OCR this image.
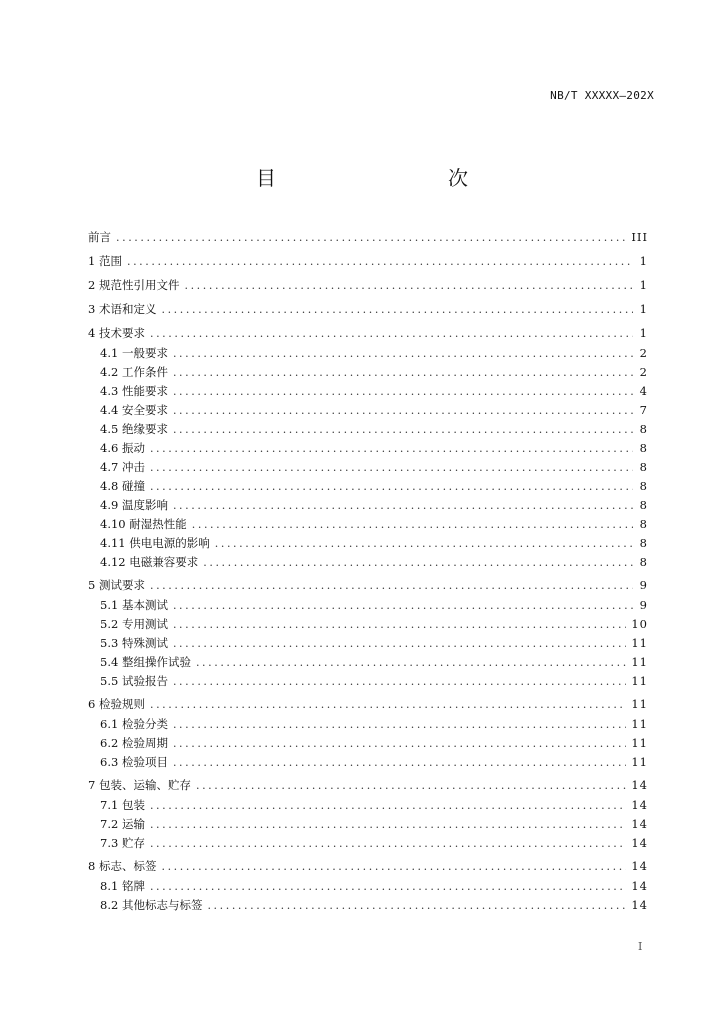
NB/T XXXXX—202X
目　　次
前言 .....	III
1 范围 .....	1
2 规范性引用文件 .....	1
3 术语和定义 .....	1
4 技术要求 .....	1
4.1 一般要求 .....	2
4.2 工作条件 .....	2
4.3 性能要求 .....	4
4.4 安全要求 .....	7
4.5 绝缘要求 .....	8
4.6 振动 .....	8
4.7 冲击 .....	8
4.8 碰撞 .....	8
4.9 温度影响 .....	8
4.10 耐湿热性能 .....	8
4.11 供电电源的影响 .....	8
4.12 电磁兼容要求 .....	8
5 测试要求 .....	9
5.1 基本测试 .....	9
5.2 专用测试 .....	10
5.3 特殊测试 .....	11
5.4 整组操作试验 .....	11
5.5 试验报告 .....	11
6 检验规则 .....	11
6.1 检验分类 .....	11
6.2 检验周期 .....	11
6.3 检验项目 .....	11
7 包装、运输、贮存 .....	14
7.1 包装 .....	14
7.2 运输 .....	14
7.3 贮存 .....	14
8 标志、标签 .....	14
8.1 铭牌 .....	14
8.2 其他标志与标签 .....	14
I
